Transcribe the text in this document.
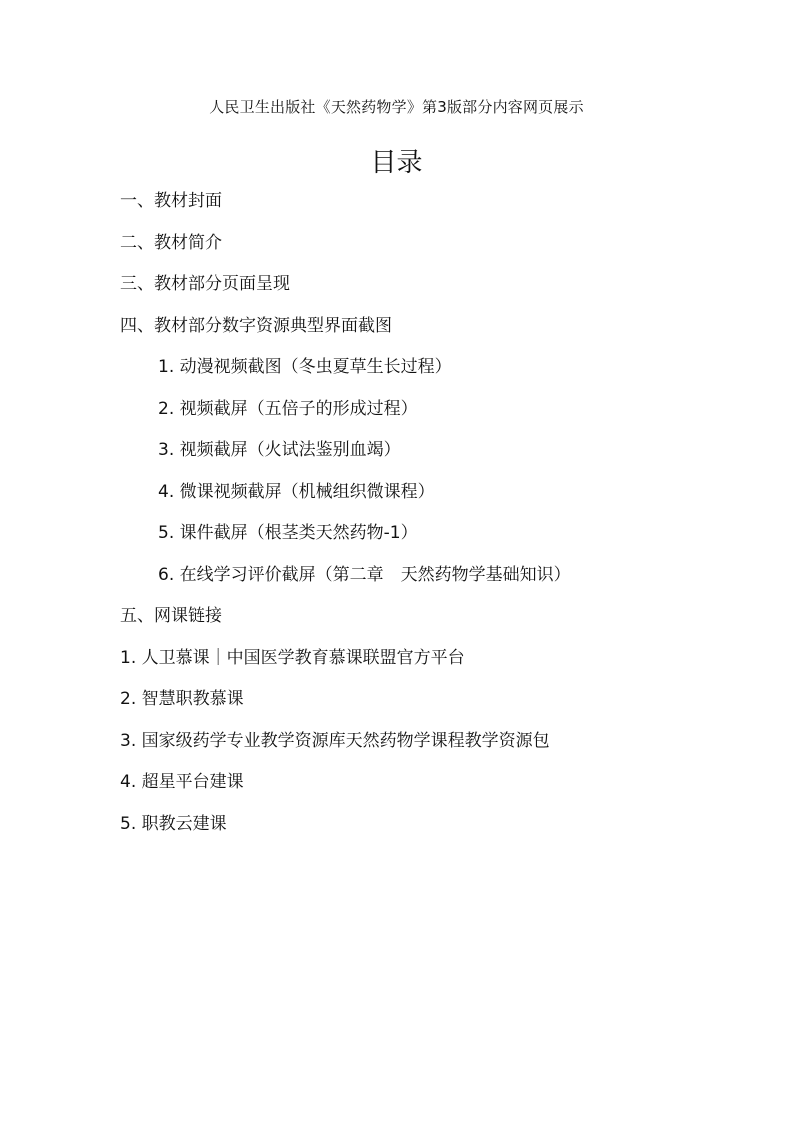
人民卫生出版社《天然药物学》第3版部分内容网页展示
目录
一、教材封面
二、教材简介
三、教材部分页面呈现
四、教材部分数字资源典型界面截图
1. 动漫视频截图（冬虫夏草生长过程）
2. 视频截屏（五倍子的形成过程）
3. 视频截屏（火试法鉴别血竭）
4. 微课视频截屏（机械组织微课程）
5. 课件截屏（根茎类天然药物-1）
6. 在线学习评价截屏（第二章　天然药物学基础知识）
五、网课链接
1. 人卫慕课｜中国医学教育慕课联盟官方平台
2. 智慧职教慕课
3. 国家级药学专业教学资源库天然药物学课程教学资源包
4. 超星平台建课
5. 职教云建课
